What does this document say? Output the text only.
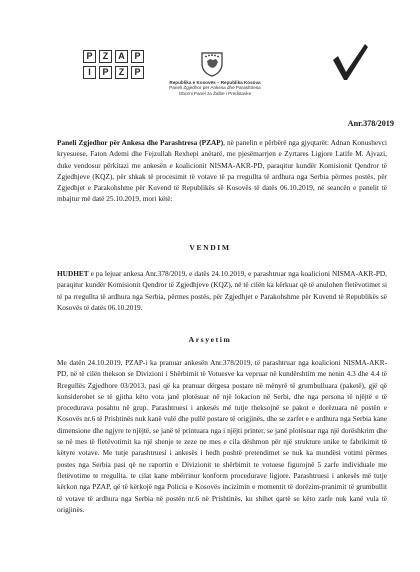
P	Z	A	P
I	P	Z	P
Republika e Kosovës – Republika Kosova
Paneli Zgjedhor për Ankesa dhe Parashtresa
Izborni Panel za Žalbe i Predstavke
Anr.378/2019
Paneli Zgjedhor për Ankesa dhe Parashtresa (PZAP), në panelin e përbërë nga gjyqtarët: Adnan Konushevci kryesuese, Faton Ademi dhe Fejzullah Rexhepi anëtarë, me pjesëmarrjen e Zyrtares Ligjore Latife M. Ajvazi, duke vendosur përkitazi me ankesën e koalicionit NISMA-AKR-PD, paraqitur kundër Komisionit Qendror të Zgjedhjeve (KQZ), për shkak të procesimit të votave të pa rregullta të ardhura nga Serbia përmes postës, për Zgjedhjet e Parakohshme për Kuvend të Republikës së Kosovës të datës 06.10.2019, në seancën e panelit të mbajtur më datë 25.10.2019, mori këtë:
VENDIM
HUDHET e pa lejuar ankesa Anr.378/2019, e datës 24.10.2019, e parashtruar nga koalicioni NISMA-AKR-PD, paraqitur kundër Komisionit Qendror të Zgjedhjeve (KQZ), në të cilën ka kërkuar që të anulohen fletëvotimet si të pa rregullta të ardhura nga Serbia, përmes postës, për Zgjedhjet e Parakohshme për Kuvend të Republikës së Kosovës të datës 06.10.2019.
Arsyetim
Me datën 24.10.2019, PZAP-i ka pranuar ankesën Anr.378/2019, të parashtruar nga koalicioni NISMA-AKR-PD, në të cilën thekson se Divizioni i Shërbimit të Votuesve ka vepruar në kundërshtim me nenin 4.3 dhe 4.4 të Rregullës Zgjedhore 03/2013, pasi që ka pranuar dërgesa postare në mënyrë të grumbulluara (paketë), gjë që konsiderohet se të gjitha këto vota janë plotësuar në një lokacion në Serbi, dhe nga persona të njëjtë e të procedurava posahtu në grup. Parashtruesi i ankesës më tutje theksojnë se pakot e dorëzuara në postën e Kosovës nr.6 të Prishtinës nuk kanë vulë dhe pullë postare të origjinës, dhe se zarfet e e ardhura nga Serbia kane dimensione dhe ngjyre te njëjtë, se janë të printuara nga i njëjti printer, se janë plotësuar nga një dorëshkrim dhe se në mes të fletëvotimit ka një shenje te zeze ne mes e cila dëshmon për një strukture unike te fabrikimit të këtyre votave. Me tutje parashtruesi i ankesës i hedh poshtë pretendimet se nuk ka mundësi votimi përmes postes nga Serbia pasi që ne raportin e Divizionit te shërbimit te votuese figurojnë 5 zarfe individuale me fletëvotime te rregullta. te cilat kane mbërrinur konform procedurave ligjore. Parashtruesi i ankesës më tutje kërkon nga PZAP, që të kërkojë nga Policia e Kosovës incizimin e momentit të dorëzim-pranimit të grumbullit të votave të ardhura nga Serbia në postën nr.6 në Prishtinës, ku shihet qartë se këto zarfe nuk kanë vula të origjinës.
